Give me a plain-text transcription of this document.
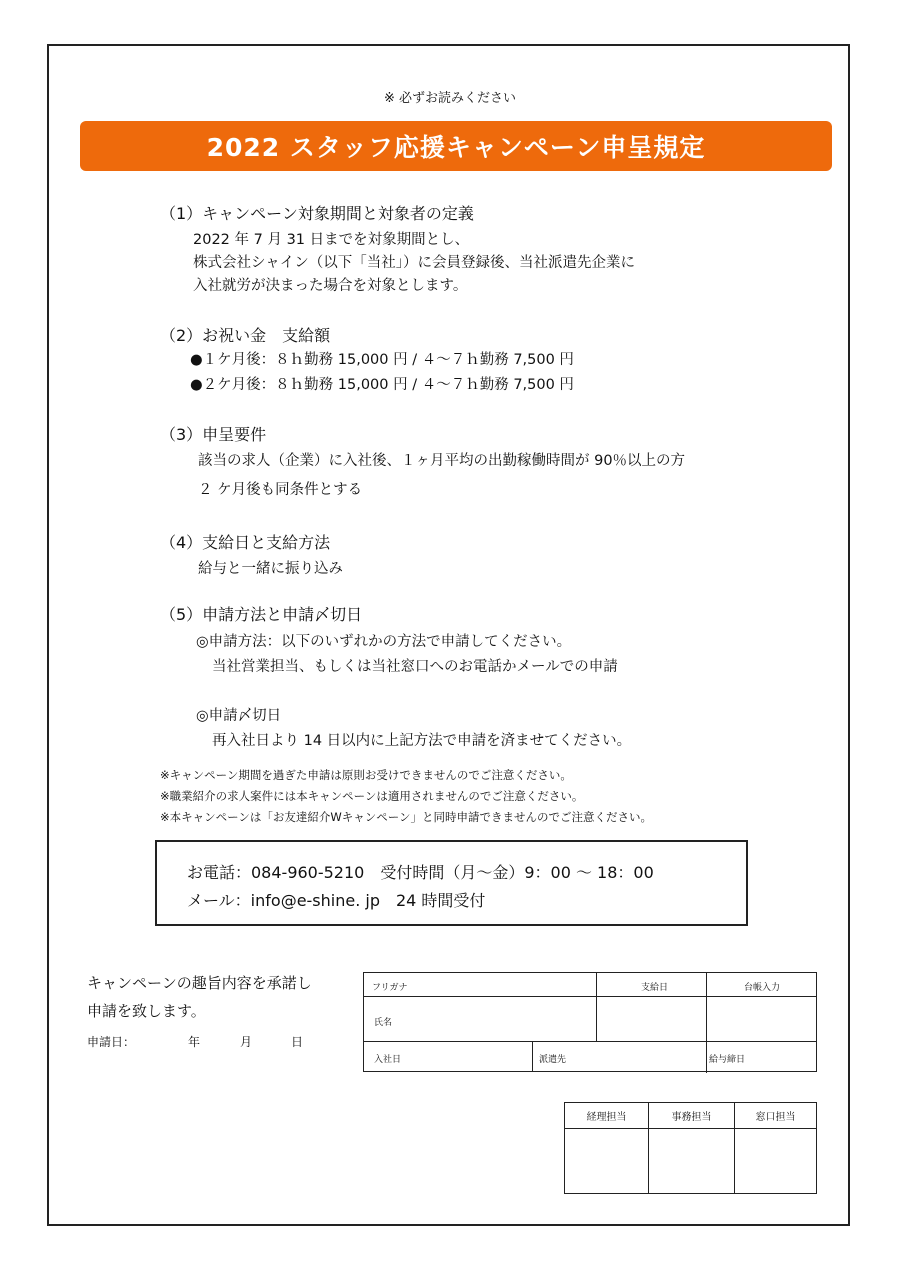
※ 必ずお読みください
2022 スタッフ応援キャンペーン申呈規定
（1）キャンペーン対象期間と対象者の定義
2022 年 7 月 31 日までを対象期間とし、
株式会社シャイン（以下「当社」）に会員登録後、当社派遣先企業に
入社就労が決まった場合を対象とします。
（2）お祝い金　支給額
●１ケ月後：８ｈ勤務 15,000 円 / ４～７ｈ勤務 7,500 円
●２ケ月後：８ｈ勤務 15,000 円 / ４～７ｈ勤務 7,500 円
（3）申呈要件
該当の求人（企業）に入社後、１ヶ月平均の出勤稼働時間が 90％以上の方
２ ケ月後も同条件とする
（4）支給日と支給方法
給与と一緒に振り込み
（5）申請方法と申請〆切日
◎申請方法：以下のいずれかの方法で申請してください。
当社営業担当、もしくは当社窓口へのお電話かメールでの申請
◎申請〆切日
再入社日より 14 日以内に上記方法で申請を済ませてください。
※キャンペーン期間を過ぎた申請は原則お受けできませんのでご注意ください。
※職業紹介の求人案件には本キャンペーンは適用されませんのでご注意ください。
※本キャンペーンは「お友達紹介Wキャンペーン」と同時申請できませんのでご注意ください。
お電話：084-960-5210　受付時間（月～金）9：00 ～ 18：00
メール：info@e-shine. jp　24 時間受付
キャンペーンの趣旨内容を承諾し
申請を致します。
申請日：	年	月	日
フリガナ	支給日	台帳入力
氏名
入社日	派遣先	給与締日
経理担当	事務担当	窓口担当
